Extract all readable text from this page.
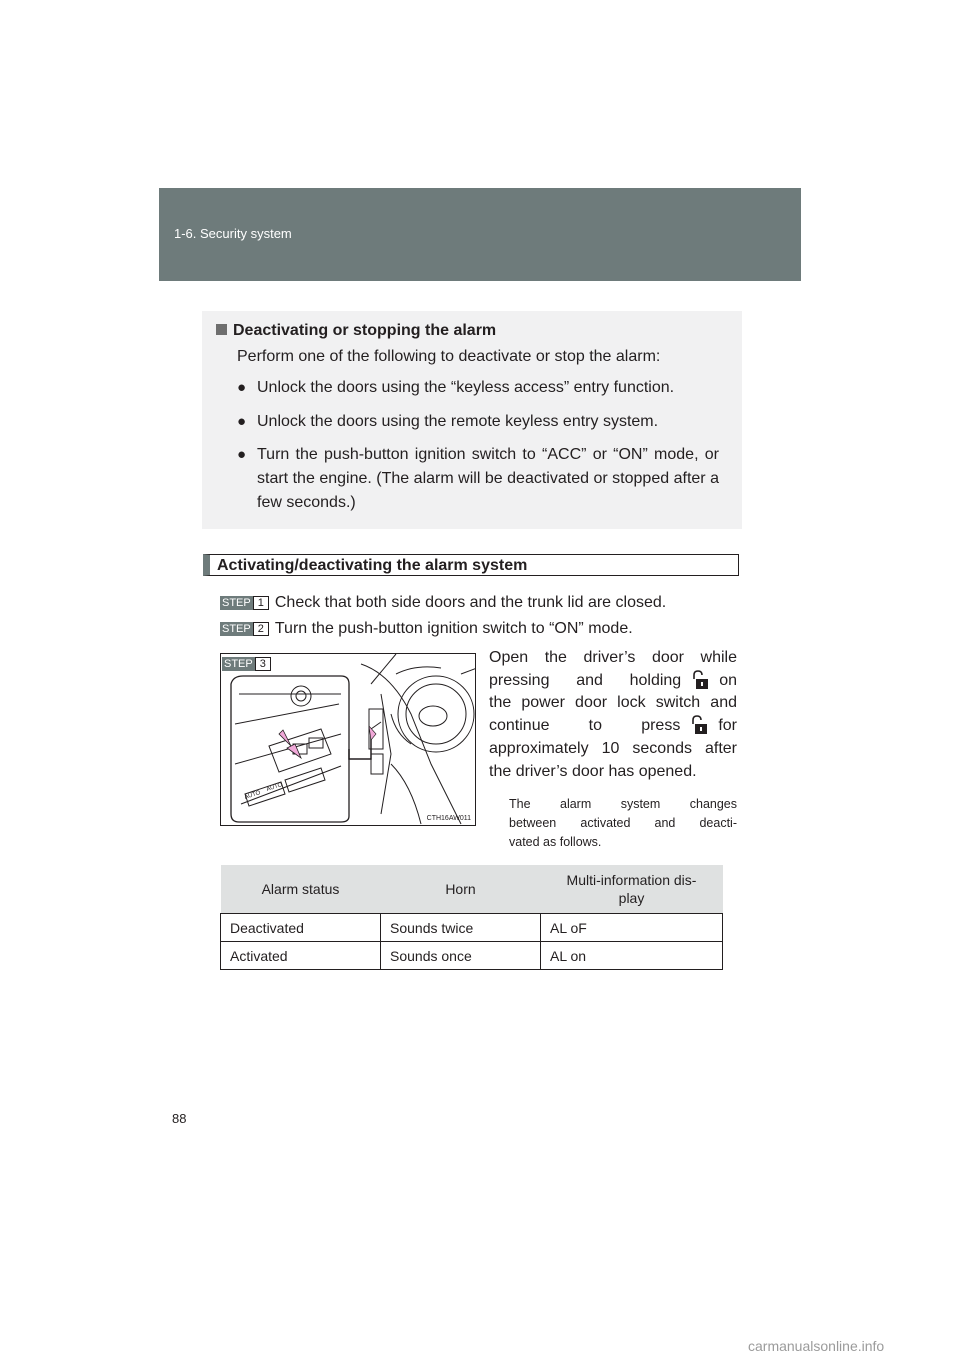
1-6. Security system
Deactivating or stopping the alarm
Perform one of the following to deactivate or stop the alarm:
● Unlock the doors using the “keyless access” entry function.
● Unlock the doors using the remote keyless entry system.
● Turn the push-button ignition switch to “ACC” or “ON” mode, or start the engine. (The alarm will be deactivated or stopped after a few seconds.)
Activating/deactivating the alarm system
STEP 1 Check that both side doors and the trunk lid are closed.
STEP 2 Turn the push-button ignition switch to “ON” mode.
AUTO
AUTO
CTH16AW011
STEP 3	Open the driver’s door while
pressing and holding on
the power door lock switch and
continue to press for
approximately 10 seconds after
the driver’s door has opened.
The alarm system changes
between activated and deacti-
vated as follows.
Alarm status	Horn	Multi-information dis-
play
Deactivated	Sounds twice	AL oF
Activated	Sounds once	AL on
88
carmanualsonline.info
